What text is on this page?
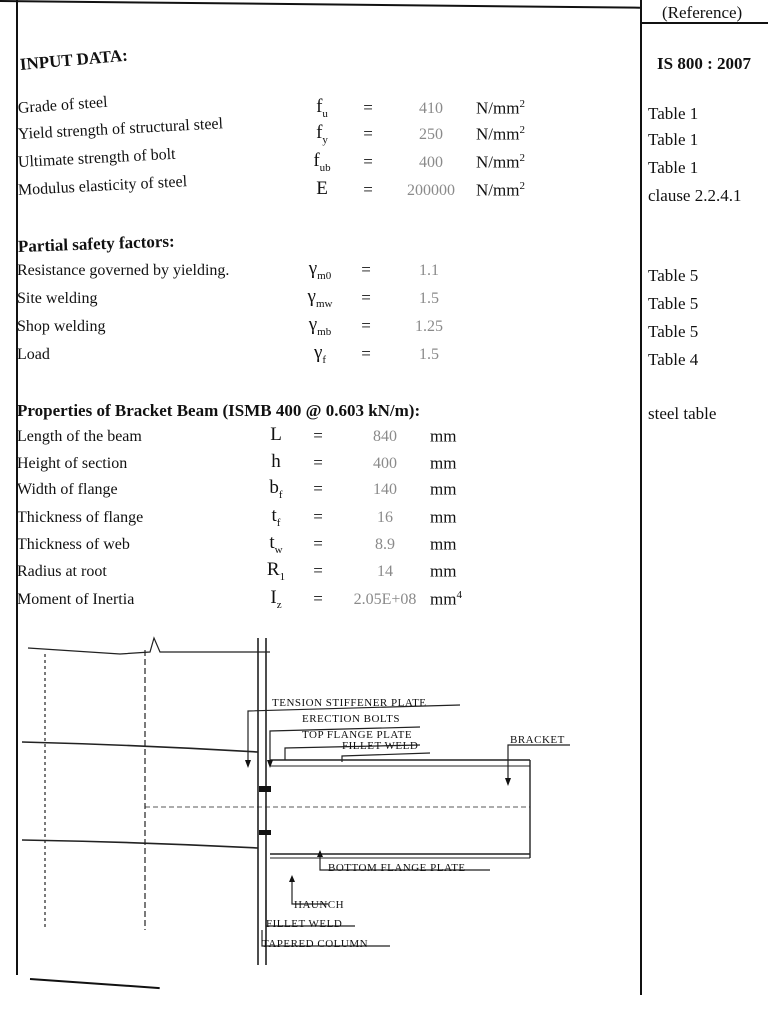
(Reference)
IS 800 : 2007
INPUT DATA:
Grade of steel	$f_u$	=	410	$N/mm^2$	Table 1
Yield strength of structural steel	$f_y$	=	250	$N/mm^2$	Table 1
Ultimate strength of bolt	$f_{ub}$	=	400	$N/mm^2$	Table 1
Modulus elasticity of steel	E	=	200000	$N/mm^2$	clause 2.2.4.1
Partial safety factors:
Resistance governed by yielding.	$\gamma_{m0}$	=	1.1	Table 5
Site welding	$\gamma_{mw}$	=	1.5	Table 5
Shop welding	$\gamma_{mb}$	=	1.25	Table 5
Load	$\gamma_f$	=	1.5	Table 4
Properties of Bracket Beam (ISMB 400 @ 0.603 kN/m):	steel table
Length of the beam	L	=	840	mm
Height of section	h	=	400	mm
Width of flange	$b_f$	=	140	mm
Thickness of flange	$t_f$	=	16	mm
Thickness of web	$t_w$	=	8.9	mm
Radius at root	$R_1$	=	14	mm
Moment of Inertia	$I_z$	=	2.05E+08 $mm^4$
TENSION STIFFENER PLATE
ERECTION BOLTS
TOP FLANGE PLATE
FILLET WELD	BRACKET
BOTTOM FLANGE PLATE
HAUNCH
FILLET WELD
TAPERED COLUMN
